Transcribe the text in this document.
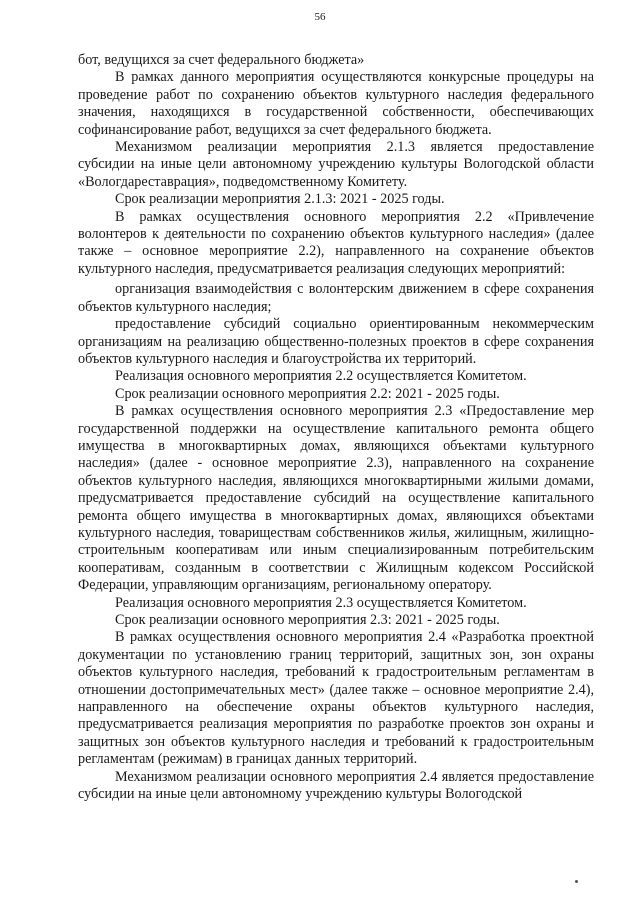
56

бот, ведущихся за счет федерального бюджета»

В рамках данного мероприятия осуществляются конкурсные процедуры на проведение работ по сохранению объектов культурного наследия федерального значения, находящихся в государственной собственности, обеспечивающих софинансирование работ, ведущихся за счет федерального бюджета.

Механизмом реализации мероприятия 2.1.3 является предоставление субсидии на иные цели автономному учреждению культуры Вологодской области «Вологдареставрация», подведомственному Комитету.

Срок реализации мероприятия 2.1.3: 2021 - 2025 годы.

В рамках осуществления основного мероприятия 2.2 «Привлечение волонтеров к деятельности по сохранению объектов культурного наследия» (далее также – основное мероприятие 2.2), направленного на сохранение объектов культурного наследия, предусматривается реализация следующих мероприятий:

организация взаимодействия с волонтерским движением в сфере сохранения объектов культурного наследия;

предоставление субсидий социально ориентированным некоммерческим организациям на реализацию общественно-полезных проектов в сфере сохранения объектов культурного наследия и благоустройства их территорий.

Реализация основного мероприятия 2.2 осуществляется Комитетом.

Срок реализации основного мероприятия 2.2: 2021 - 2025 годы.

В рамках осуществления основного мероприятия 2.3 «Предоставление мер государственной поддержки на осуществление капитального ремонта общего имущества в многоквартирных домах, являющихся объектами культурного наследия» (далее - основное мероприятие 2.3), направленного на сохранение объектов культурного наследия, являющихся многоквартирными жилыми домами, предусматривается предоставление субсидий на осуществление капитального ремонта общего имущества в многоквартирных домах, являющихся объектами культурного наследия, товариществам собственников жилья, жилищным, жилищно-строительным кооперативам или иным специализированным потребительским кооперативам, созданным в соответствии с Жилищным кодексом Российской Федерации, управляющим организациям, региональному оператору.

Реализация основного мероприятия 2.3 осуществляется Комитетом.

Срок реализации основного мероприятия 2.3: 2021 - 2025 годы.

В рамках осуществления основного мероприятия 2.4 «Разработка проектной документации по установлению границ территорий, защитных зон, зон охраны объектов культурного наследия, требований к градостроительным регламентам в отношении достопримечательных мест» (далее также – основное мероприятие 2.4), направленного на обеспечение охраны объектов культурного наследия, предусматривается реализация мероприятия по разработке проектов зон охраны и защитных зон объектов культурного наследия и требований к градостроительным регламентам (режимам) в границах данных территорий.

Механизмом реализации основного мероприятия 2.4 является предоставление субсидии на иные цели автономному учреждению культуры Вологодской
